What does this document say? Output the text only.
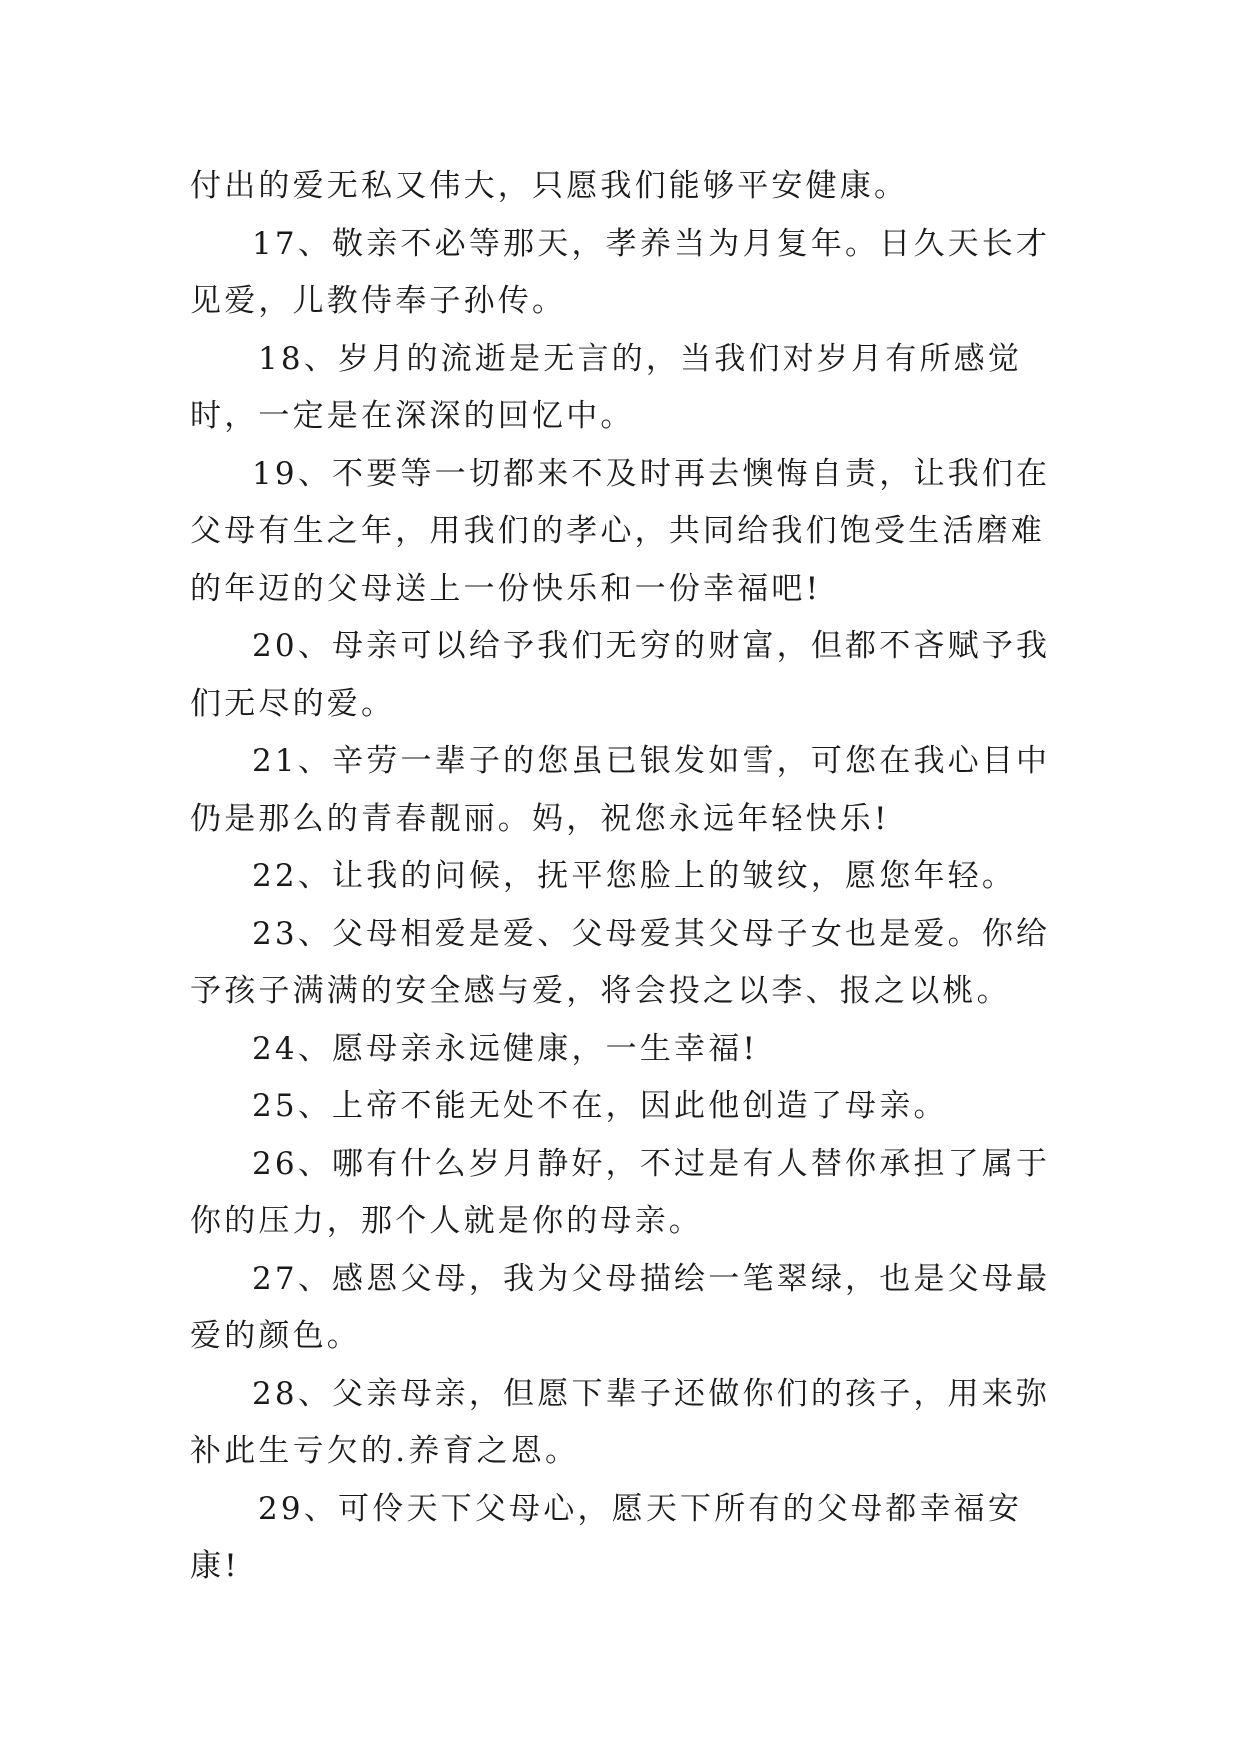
付出的爱无私又伟大，只愿我们能够平安健康。

17、敬亲不必等那天，孝养当为月复年。日久天长才见爱，儿教侍奉子孙传。

18、岁月的流逝是无言的，当我们对岁月有所感觉时，一定是在深深的回忆中。

19、不要等一切都来不及时再去懊悔自责，让我们在父母有生之年，用我们的孝心，共同给我们饱受生活磨难的年迈的父母送上一份快乐和一份幸福吧!

20、母亲可以给予我们无穷的财富，但都不吝赋予我们无尽的爱。

21、辛劳一辈子的您虽已银发如雪，可您在我心目中仍是那么的青春靓丽。妈，祝您永远年轻快乐!

22、让我的问候，抚平您脸上的皱纹，愿您年轻。

23、父母相爱是爱、父母爱其父母子女也是爱。你给予孩子满满的安全感与爱，将会投之以李、报之以桃。

24、愿母亲永远健康，一生幸福!

25、上帝不能无处不在，因此他创造了母亲。

26、哪有什么岁月静好，不过是有人替你承担了属于你的压力，那个人就是你的母亲。

27、感恩父母，我为父母描绘一笔翠绿，也是父母最爱的颜色。

28、父亲母亲，但愿下辈子还做你们的孩子，用来弥补此生亏欠的.养育之恩。

29、可伶天下父母心，愿天下所有的父母都幸福安康!
